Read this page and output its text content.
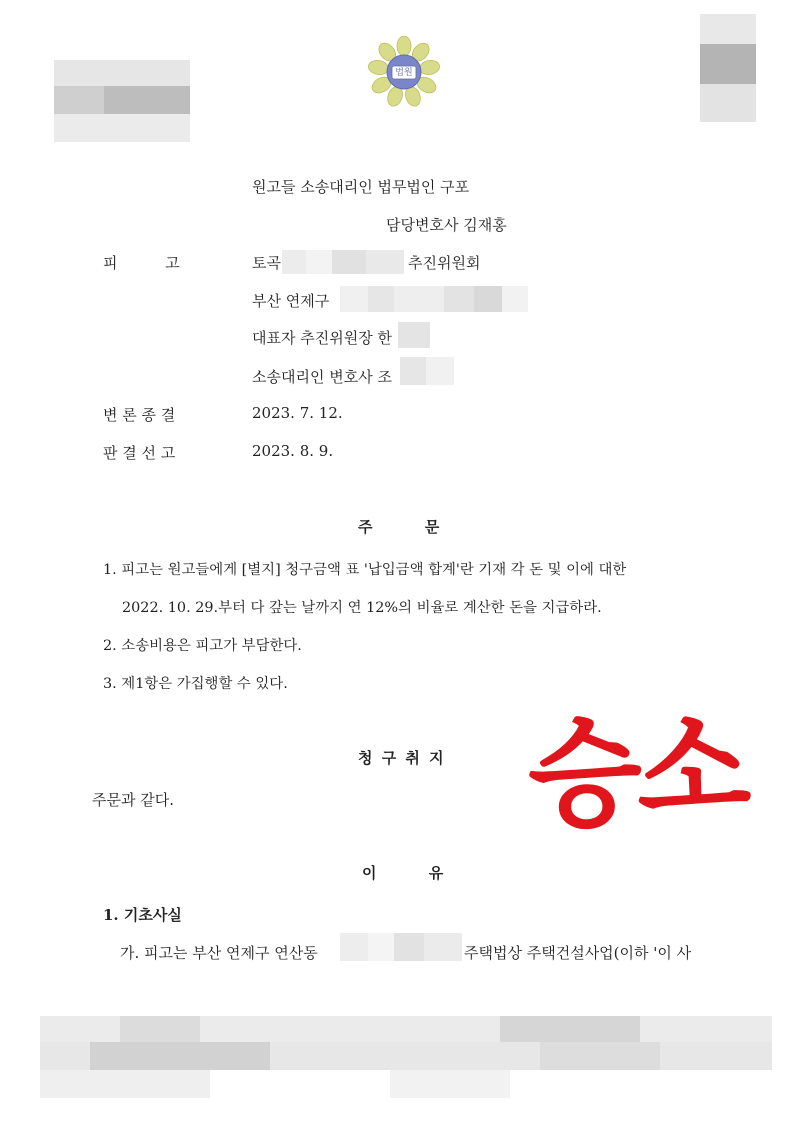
법원
원고들 소송대리인 법무법인 구포
담당변호사 김재홍
피          고	토곡	추진위원회
부산 연제구
대표자 추진위원장 한
소송대리인 변호사 조
변 론 종 결	2023. 7. 12.
판 결 선 고	2023. 8. 9.
주          문
1. 피고는 원고들에게 [별지] 청구금액 표 '납입금액 합계'란 기재 각 돈 및 이에 대한
2022. 10. 29.부터 다 갚는 날까지 연 12%의 비율로 계산한 돈을 지급하라.
2. 소송비용은 피고가 부담한다.
3. 제1항은 가집행할 수 있다.
청 구 취 지
주문과 같다.	승소
이          유
1. 기초사실
가. 피고는 부산 연제구 연산동	주택법상 주택건설사업(이하 '이 사
